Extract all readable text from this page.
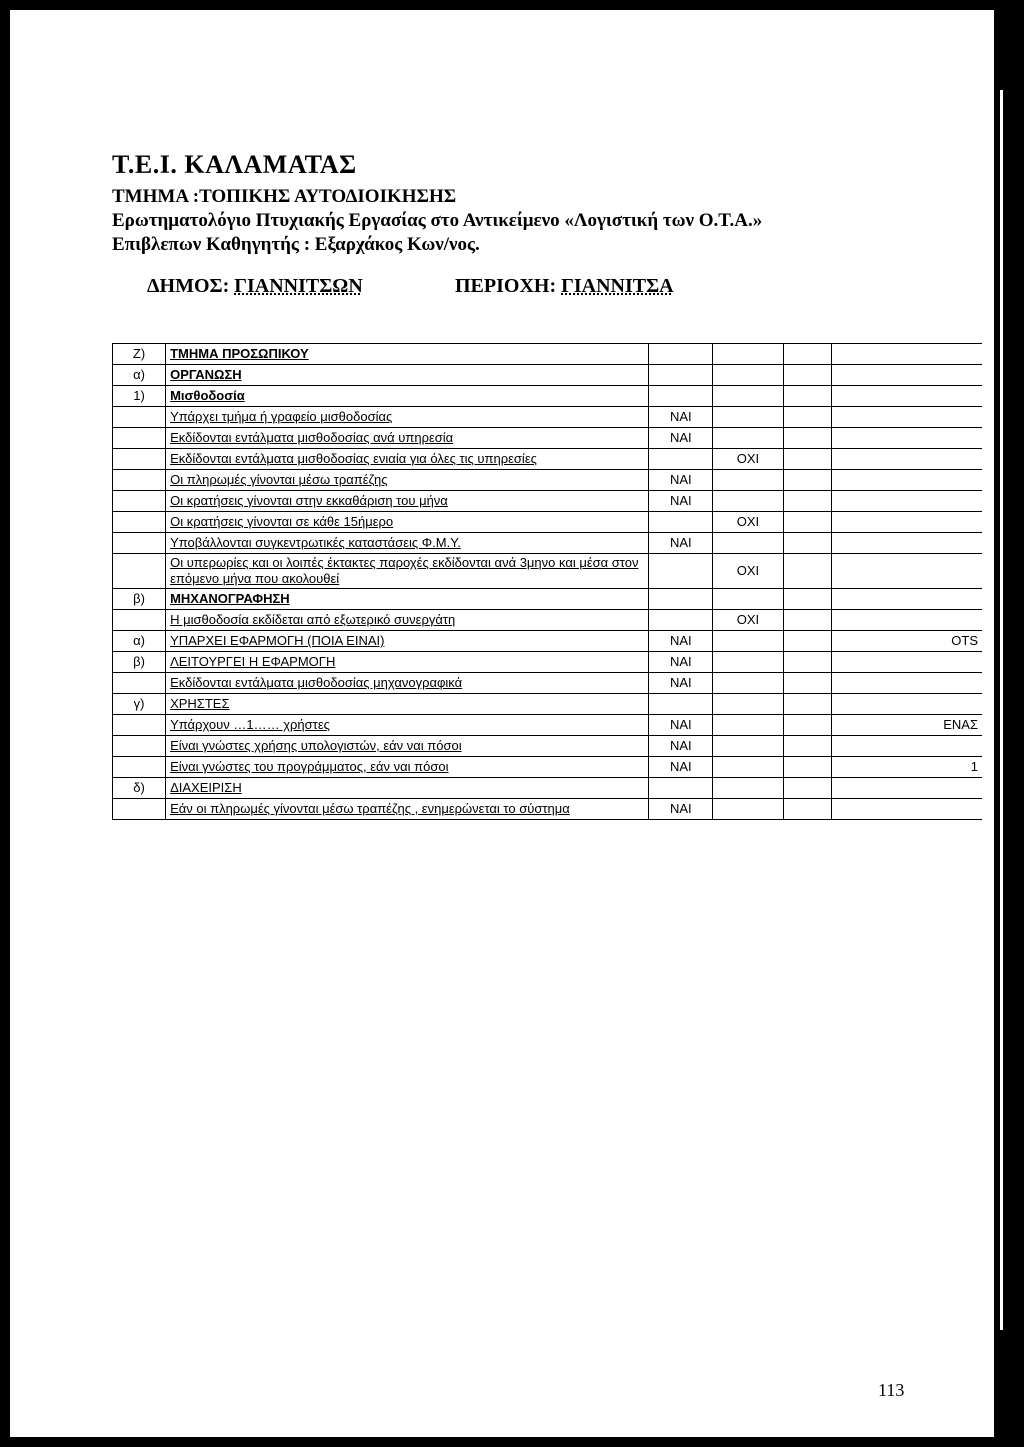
Τ.Ε.Ι. ΚΑΛΑΜΑΤΑΣ
ΤΜΗΜΑ :ΤΟΠΙΚΗΣ ΑΥΤΟΔΙΟΙΚΗΣΗΣ
Ερωτηματολόγιο Πτυχιακής Εργασίας στο Αντικείμενο «Λογιστική των Ο.Τ.Α.»
Επιβλεπων Καθηγητής : Εξαρχάκος Κων/νος.
ΔΗΜΟΣ: ΓΙΑΝΝΙΤΣΩΝ	ΠΕΡΙΟΧΗ: ΓΙΑΝΝΙΤΣΑ
Ζ)	ΤΜΗΜΑ ΠΡΟΣΩΠΙΚΟΥ				
α)	ΟΡΓΑΝΩΣΗ				
1)	Μισθοδοσία				
	Υπάρχει τμήμα ή γραφείο μισθοδοσίας	ΝΑΙ			
	Εκδίδονται εντάλματα μισθοδοσίας ανά υπηρεσία	ΝΑΙ			
	Εκδίδονται εντάλματα μισθοδοσίας ενιαία για όλες τις υπηρεσίες		ΟΧΙ		
	Οι πληρωμές γίνονται μέσω τραπέζης	ΝΑΙ			
	Οι κρατήσεις γίνονται στην εκκαθάριση του μήνα	ΝΑΙ			
	Οι κρατήσεις γίνονται σε κάθε 15ήμερο		ΟΧΙ		
	Υποβάλλονται συγκεντρωτικές καταστάσεις Φ.Μ.Υ.	ΝΑΙ			
	Οι υπερωρίες και οι λοιπές έκτακτες παροχές εκδίδονται ανά 3μηνο και μέσα στον επόμενο μήνα που ακολουθεί		ΟΧΙ		
β)	ΜΗΧΑΝΟΓΡΑΦΗΣΗ				
	Η μισθοδοσία εκδίδεται από εξωτερικό συνεργάτη		ΟΧΙ		
α)	ΥΠΑΡΧΕΙ ΕΦΑΡΜΟΓΗ (ΠΟΙΑ ΕΙΝΑΙ)	ΝΑΙ			OTS
β)	ΛΕΙΤΟΥΡΓΕΙ Η ΕΦΑΡΜΟΓΗ	ΝΑΙ			
	Εκδίδονται εντάλματα μισθοδοσίας μηχανογραφικά	ΝΑΙ			
γ)	ΧΡΗΣΤΕΣ				
	Υπάρχουν …1…… χρήστες	ΝΑΙ			ΕΝΑΣ
	Είναι γνώστες χρήσης υπολογιστών, εάν ναι πόσοι	ΝΑΙ			
	Είναι γνώστες του προγράμματος, εάν ναι πόσοι	ΝΑΙ			1
δ)	ΔΙΑΧΕΙΡΙΣΗ				
	Εάν οι πληρωμές γίνονται μέσω τραπέζης , ενημερώνεται το σύστημα	ΝΑΙ			
113
